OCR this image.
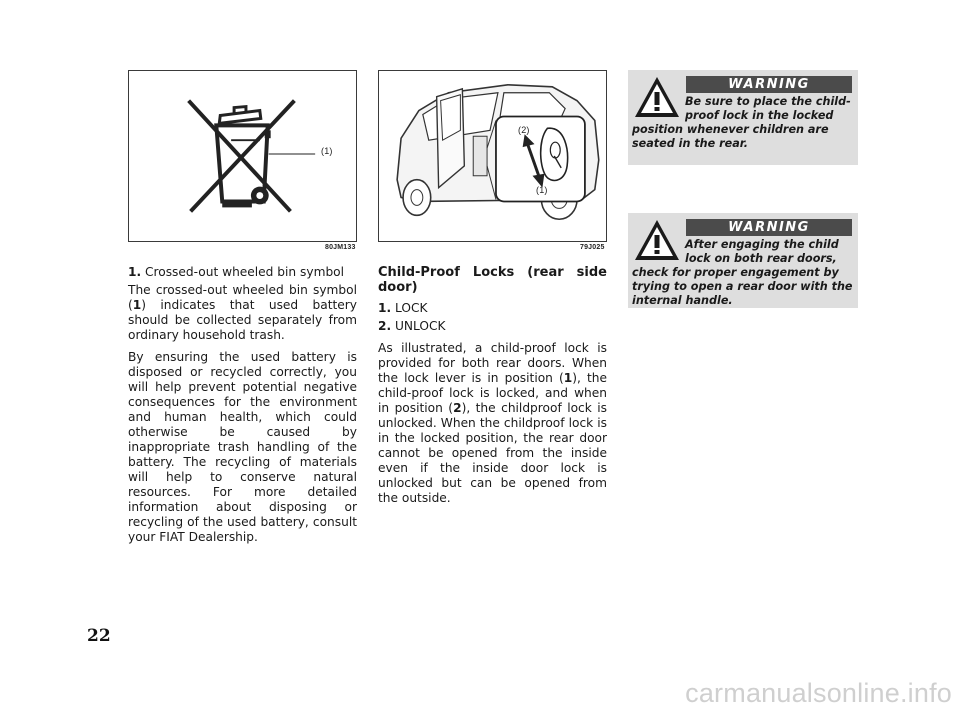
(1)
80JM133
(2)
(1)
79J025

1. Crossed-out wheeled bin symbol

The crossed-out wheeled bin symbol (1) indicates that used battery should be collected separately from ordinary household trash.

By ensuring the used battery is disposed or recycled correctly, you will help prevent potential negative consequences for the environment and human health, which could otherwise be caused by inappropriate trash handling of the battery. The recycling of materials will help to conserve natural resources. For more detailed information about disposing or recycling of the used battery, consult your FIAT Dealership.

Child-Proof Locks (rear side door)

1. LOCK

2. UNLOCK

As illustrated, a child-proof lock is provided for both rear doors. When the lock lever is in position (1), the child-proof lock is locked, and when in position (2), the childproof lock is unlocked. When the childproof lock is in the locked position, the rear door cannot be opened from the inside even if the inside door lock is unlocked but can be opened from the outside.

WARNING
Be sure to place the child-proof lock in the locked position whenever children are seated in the rear.
WARNING
After engaging the child lock on both rear doors, check for proper engagement by trying to open a rear door with the internal handle.
22
carmanualsonline.info
